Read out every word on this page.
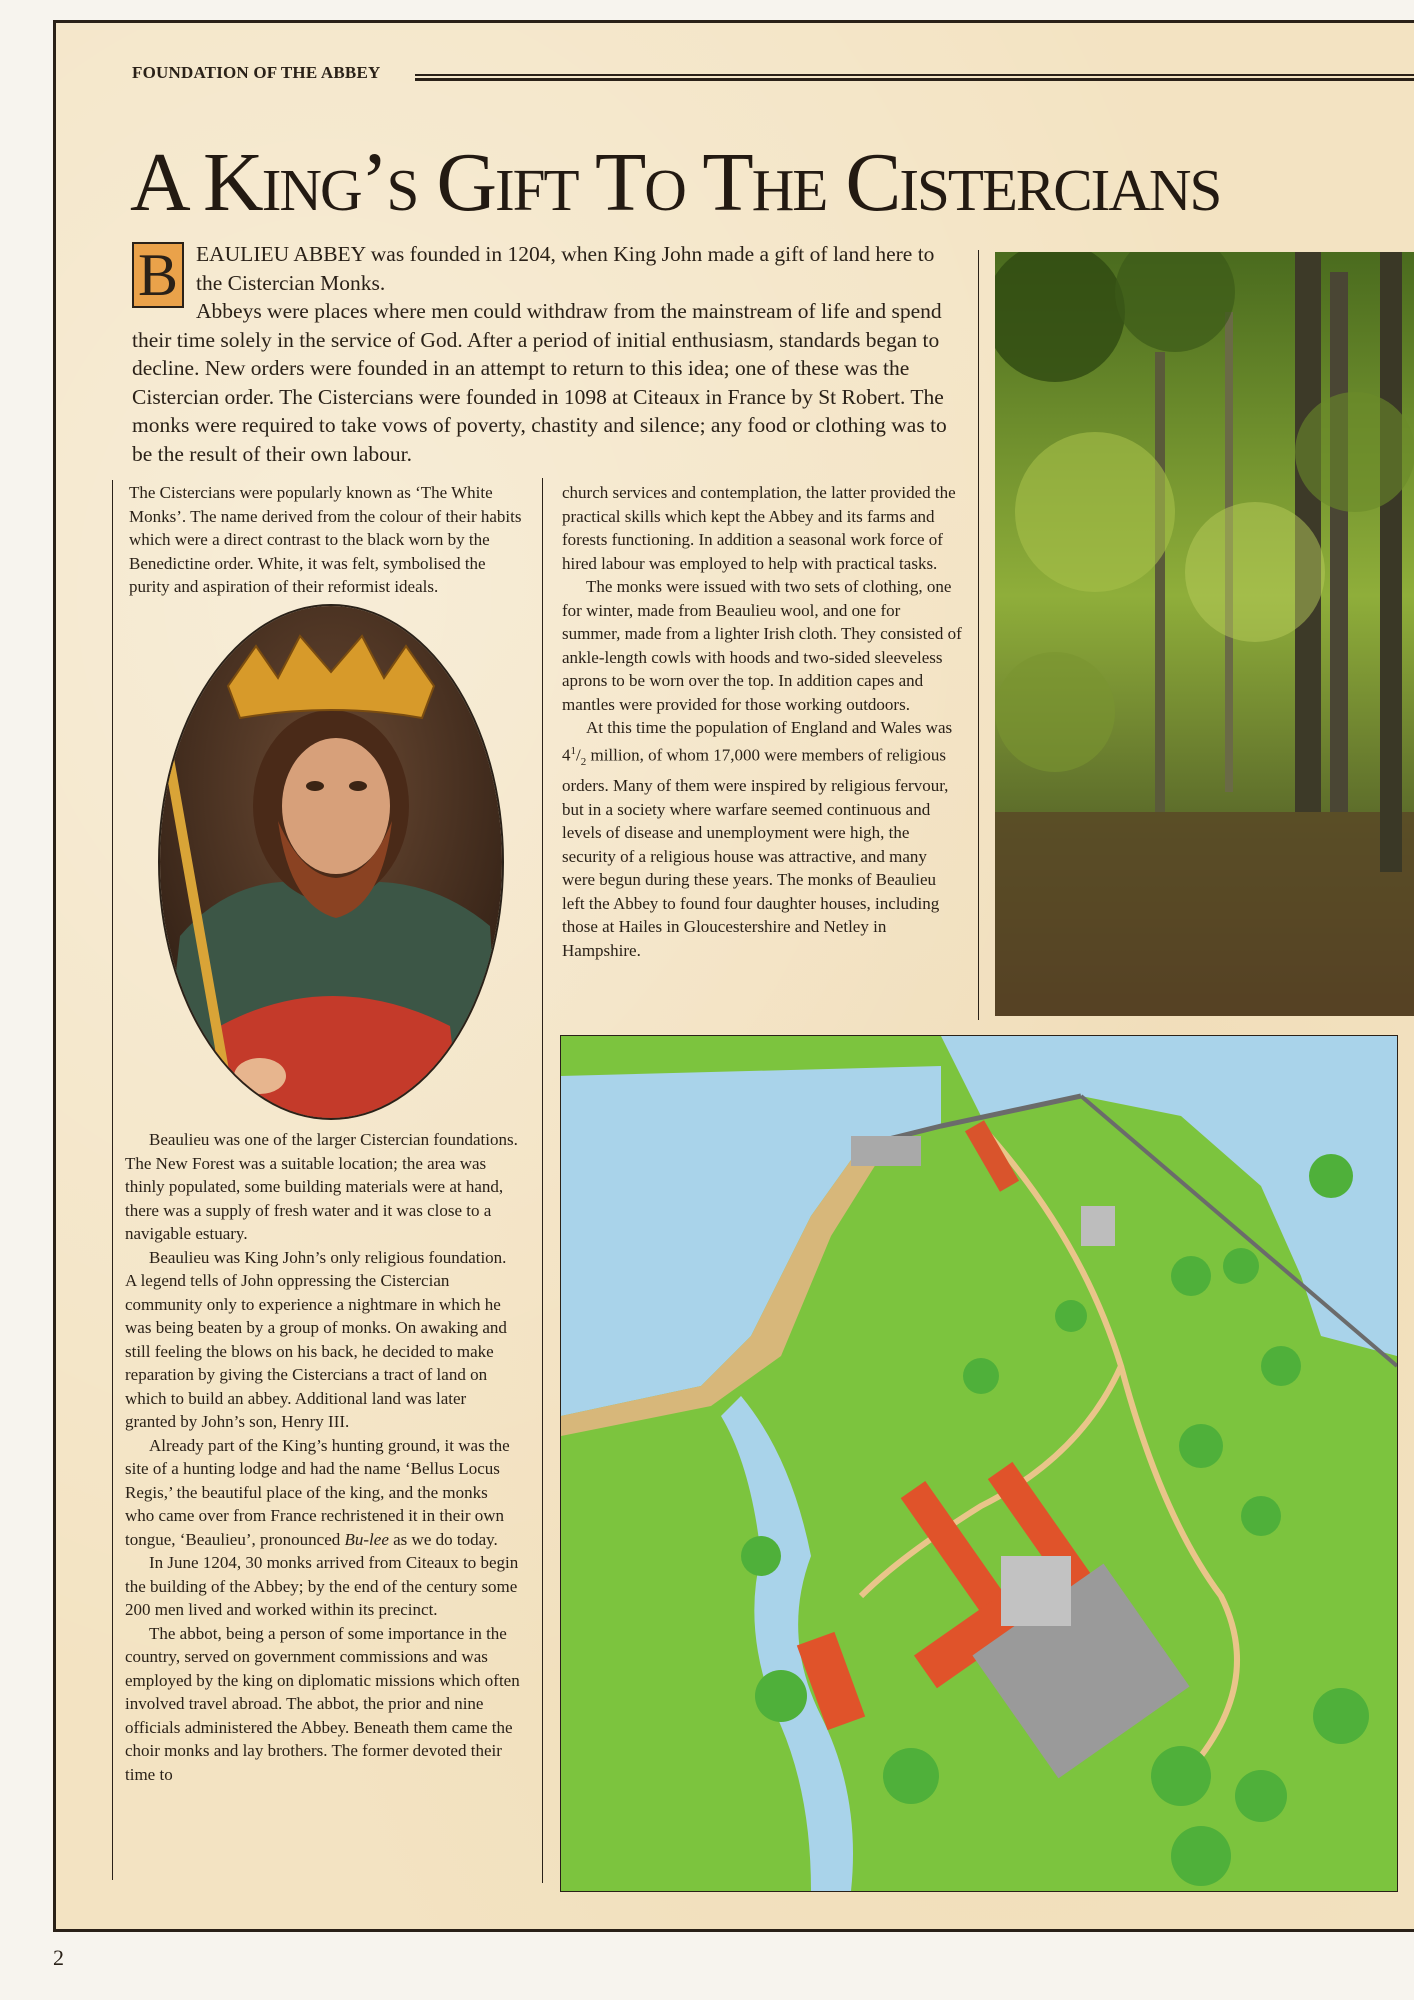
FOUNDATION OF THE ABBEY
A King’s Gift To The Cistercians
B EAULIEU ABBEY was founded in 1204, when King John made a gift of land here to the Cistercian Monks.

Abbeys were places where men could withdraw from the mainstream of life and spend their time solely in the service of God. After a period of initial enthusiasm, standards began to decline. New orders were founded in an attempt to return to this idea; one of these was the Cistercian order. The Cistercians were founded in 1098 at Citeaux in France by St Robert. The monks were required to take vows of poverty, chastity and silence; any food or clothing was to be the result of their own labour.

The Cistercians were popularly known as ‘The White Monks’. The name derived from the colour of their habits which were a direct contrast to the black worn by the Benedictine order. White, it was felt, symbolised the purity and aspiration of their reformist ideals.

Beaulieu was one of the larger Cistercian foundations. The New Forest was a suitable location; the area was thinly populated, some building materials were at hand, there was a supply of fresh water and it was close to a navigable estuary.

Beaulieu was King John’s only religious foundation. A legend tells of John oppressing the Cistercian community only to experience a nightmare in which he was being beaten by a group of monks. On awaking and still feeling the blows on his back, he decided to make reparation by giving the Cistercians a tract of land on which to build an abbey. Additional land was later granted by John’s son, Henry III.

Already part of the King’s hunting ground, it was the site of a hunting lodge and had the name ‘Bellus Locus Regis,’ the beautiful place of the king, and the monks who came over from France rechristened it in their own tongue, ‘Beaulieu’, pronounced Bu-lee as we do today.

In June 1204, 30 monks arrived from Citeaux to begin the building of the Abbey; by the end of the century some 200 men lived and worked within its precinct.

The abbot, being a person of some importance in the country, served on government commissions and was employed by the king on diplomatic missions which often involved travel abroad. The abbot, the prior and nine officials administered the Abbey. Beneath them came the choir monks and lay brothers. The former devoted their time to

church services and contemplation, the latter provided the practical skills which kept the Abbey and its farms and forests functioning. In addition a seasonal work force of hired labour was employed to help with practical tasks.

The monks were issued with two sets of clothing, one for winter, made from Beaulieu wool, and one for summer, made from a lighter Irish cloth. They consisted of ankle-length cowls with hoods and two-sided sleeveless aprons to be worn over the top. In addition capes and mantles were provided for those working outdoors.

At this time the population of England and Wales was $4^1/_2$ million, of whom 17,000 were members of religious orders. Many of them were inspired by religious fervour, but in a society where warfare seemed continuous and levels of disease and unemployment were high, the security of a religious house was attractive, and many were begun during these years. The monks of Beaulieu left the Abbey to found four daughter houses, including those at Hailes in Gloucestershire and Netley in Hampshire.

2
